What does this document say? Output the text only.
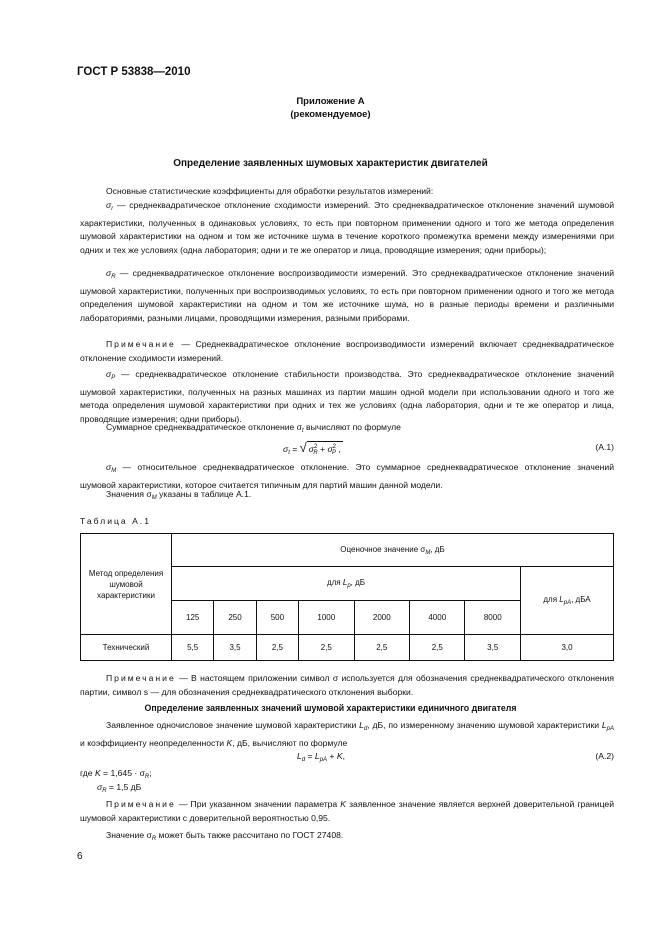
ГОСТ Р 53838—2010
Приложение А
(рекомендуемое)
Определение заявленных шумовых характеристик двигателей
Основные статистические коэффициенты для обработки результатов измерений:
$\sigma_r$ — среднеквадратическое отклонение сходимости измерений. Это среднеквадратическое отклонение значений шумовой характеристики, полученных в одинаковых условиях, то есть при повторном применении одного и того же метода определения шумовой характеристики на одном и том же источнике шума в течение короткого промежутка времени между измерениями при одних и тех же условиях (одна лаборатория; одни и те же оператор и лица, проводящие измерения; одни приборы);
$\sigma_R$ — среднеквадратическое отклонение воспроизводимости измерений. Это среднеквадратическое отклонение значений шумовой характеристики, полученных при воспроизводимых условиях, то есть при повторном применении одного и того же метода определения шумовой характеристики на одном и том же источнике шума, но в разные периоды времени и различными лабораториями, разными лицами, проводящими измерения, разными приборами.
Примечание — Среднеквадратическое отклонение воспроизводимости измерений включает среднеквадратическое отклонение сходимости измерений.
$\sigma_P$ — среднеквадратическое отклонение стабильности производства. Это среднеквадратическое отклонение значений шумовой характеристики, полученных на разных машинах из партии машин одной модели при использовании одного и того же метода определения шумовой характеристики при одних и тех же условиях (одна лаборатория, одни и те же оператор и лица, проводящие измерения; одни приборы).
Суммарное среднеквадратическое отклонение $\sigma_t$ вычисляют по формуле
$\sigma_t$ = √ $\sigma^2_R + \sigma^2_P$ ,	(А.1)
$\sigma_M$ — относительное среднеквадратическое отклонение. Это суммарное среднеквадратическое отклонение значений шумовой характеристики, которое считается типичным для партий машин данной модели.
Значения $\sigma_M$ указаны в таблице А.1.
Таблица А.1
Метод определения шумовой характеристики	Оценочное значение $\sigma_M$, дБ							
	для $L_p$, дБ							для $L_{pA}$, дБА
	125	250	500	1000	2000	4000	8000	
Технический	5,5	3,5	2,5	2,5	2,5	2,5	3,5	3,0
Примечание — В настоящем приложении символ σ используется для обозначения среднеквадратического отклонения партии, символ s — для обозначения среднеквадратического отклонения выборки.
Определение заявленных значений шумовой характеристики единичного двигателя
Заявленное одночисловое значение шумовой характеристики $L_d$, дБ, по измеренному значению шумовой характеристики $L_{pA}$ и коэффициенту неопределенности K, дБ, вычисляют по формуле
$L_d = L_{pA} + K$,	(А.2)
где $K = 1,645 \cdot \sigma_R$;
$\sigma_R = 1,5$ дБ
Примечание — При указанном значении параметра K заявленное значение является верхней доверительной границей шумовой характеристики с доверительной вероятностью 0,95.
Значение $\sigma_R$ может быть также рассчитано по ГОСТ 27408.
6
